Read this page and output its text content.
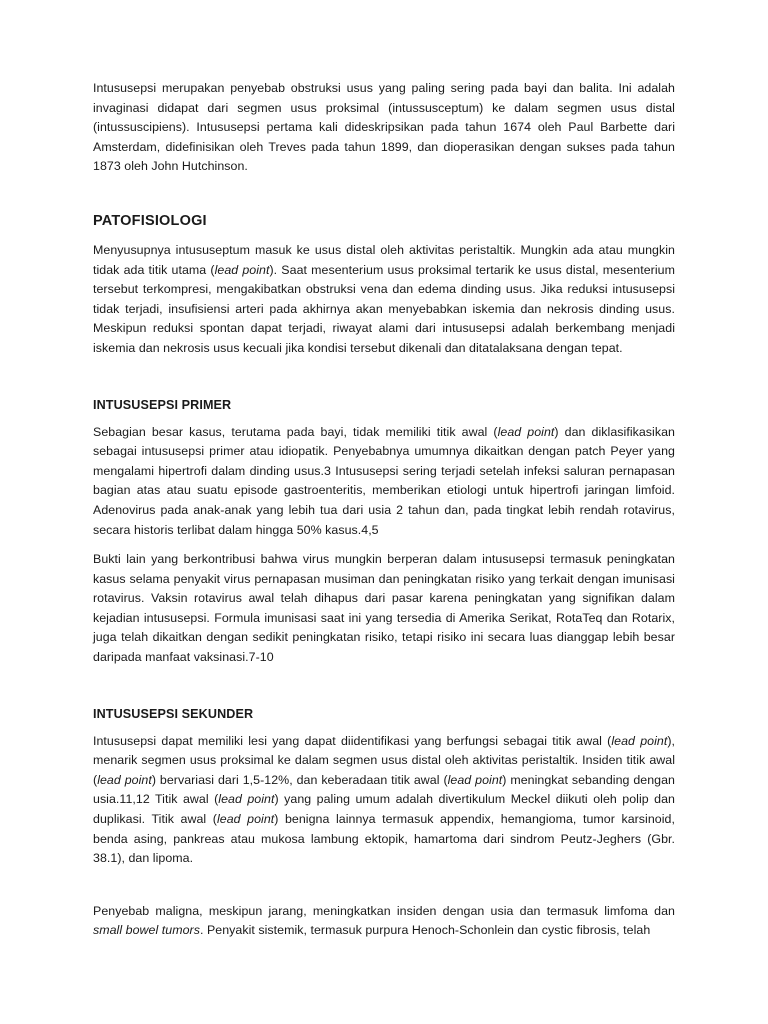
Intususepsi merupakan penyebab obstruksi usus yang paling sering pada bayi dan balita. Ini adalah invaginasi didapat dari segmen usus proksimal (intussusceptum) ke dalam segmen usus distal (intussuscipiens). Intususepsi pertama kali dideskripsikan pada tahun 1674 oleh Paul Barbette dari Amsterdam, didefinisikan oleh Treves pada tahun 1899, dan dioperasikan dengan sukses pada tahun 1873 oleh John Hutchinson.

PATOFISIOLOGI

Menyusupnya intususeptum masuk ke usus distal oleh aktivitas peristaltik. Mungkin ada atau mungkin tidak ada titik utama (lead point). Saat mesenterium usus proksimal tertarik ke usus distal, mesenterium tersebut terkompresi, mengakibatkan obstruksi vena dan edema dinding usus. Jika reduksi intususepsi tidak terjadi, insufisiensi arteri pada akhirnya akan menyebabkan iskemia dan nekrosis dinding usus. Meskipun reduksi spontan dapat terjadi, riwayat alami dari intususepsi adalah berkembang menjadi iskemia dan nekrosis usus kecuali jika kondisi tersebut dikenali dan ditatalaksana dengan tepat.

INTUSUSEPSI PRIMER

Sebagian besar kasus, terutama pada bayi, tidak memiliki titik awal (lead point) dan diklasifikasikan sebagai intususepsi primer atau idiopatik. Penyebabnya umumnya dikaitkan dengan patch Peyer yang mengalami hipertrofi dalam dinding usus.3 Intususepsi sering terjadi setelah infeksi saluran pernapasan bagian atas atau suatu episode gastroenteritis, memberikan etiologi untuk hipertrofi jaringan limfoid. Adenovirus pada anak-anak yang lebih tua dari usia 2 tahun dan, pada tingkat lebih rendah rotavirus, secara historis terlibat dalam hingga 50% kasus.4,5

Bukti lain yang berkontribusi bahwa virus mungkin berperan dalam intususepsi termasuk peningkatan kasus selama penyakit virus pernapasan musiman dan peningkatan risiko yang terkait dengan imunisasi rotavirus. Vaksin rotavirus awal telah dihapus dari pasar karena peningkatan yang signifikan dalam kejadian intususepsi. Formula imunisasi saat ini yang tersedia di Amerika Serikat, RotaTeq dan Rotarix, juga telah dikaitkan dengan sedikit peningkatan risiko, tetapi risiko ini secara luas dianggap lebih besar daripada manfaat vaksinasi.7-10

INTUSUSEPSI SEKUNDER

Intususepsi dapat memiliki lesi yang dapat diidentifikasi yang berfungsi sebagai titik awal (lead point), menarik segmen usus proksimal ke dalam segmen usus distal oleh aktivitas peristaltik. Insiden titik awal (lead point) bervariasi dari 1,5-12%, dan keberadaan titik awal (lead point) meningkat sebanding dengan usia.11,12 Titik awal (lead point) yang paling umum adalah divertikulum Meckel diikuti oleh polip dan duplikasi. Titik awal (lead point) benigna lainnya termasuk appendix, hemangioma, tumor karsinoid, benda asing, pankreas atau mukosa lambung ektopik, hamartoma dari sindrom Peutz-Jeghers (Gbr. 38.1), dan lipoma.

Penyebab maligna, meskipun jarang, meningkatkan insiden dengan usia dan termasuk limfoma dan small bowel tumors. Penyakit sistemik, termasuk purpura Henoch-Schonlein dan cystic fibrosis, telah
